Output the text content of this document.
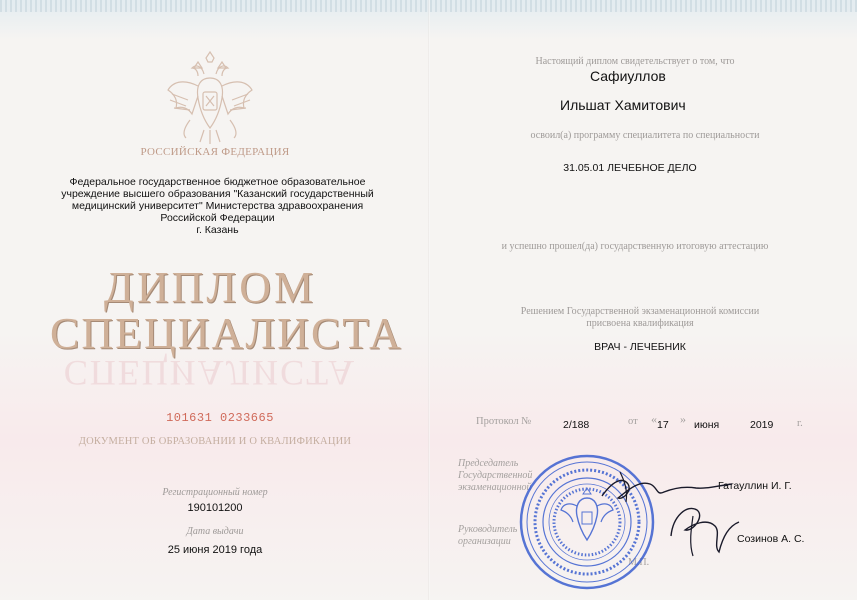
РОССИЙСКАЯ ФЕДЕРАЦИЯ
Федеральное государственное бюджетное образовательное
учреждение высшего образования "Казанский государственный
медицинский университет" Министерства здравоохранения
Российской Федерации
г. Казань
ДИПЛОМ
СПЕЦИАЛИСТА
СПЕЦИАЛИСТА
101631 0233665
ДОКУМЕНТ ОБ ОБРАЗОВАНИИ И О КВАЛИФИКАЦИИ
Регистрационный номер
190101200
Дата выдачи
25 июня 2019 года
Настоящий диплом свидетельствует о том, что
Сафиуллов
Ильшат Хамитович
освоил(а) программу специалитета по специальности
31.05.01 ЛЕЧЕБНОЕ ДЕЛО
и успешно прошел(да) государственную итоговую аттестацию
Решением Государственной экзаменационной комиссии
присвоена квалификация
ВРАЧ - ЛЕЧЕБНИК
Протокол №	2/188	от « 17 » июня	2019 г.
Председатель
Государственной
экзаменационной	Гатауллин И. Г.
Руководитель
организации	Созинов А. С.
М.П.
